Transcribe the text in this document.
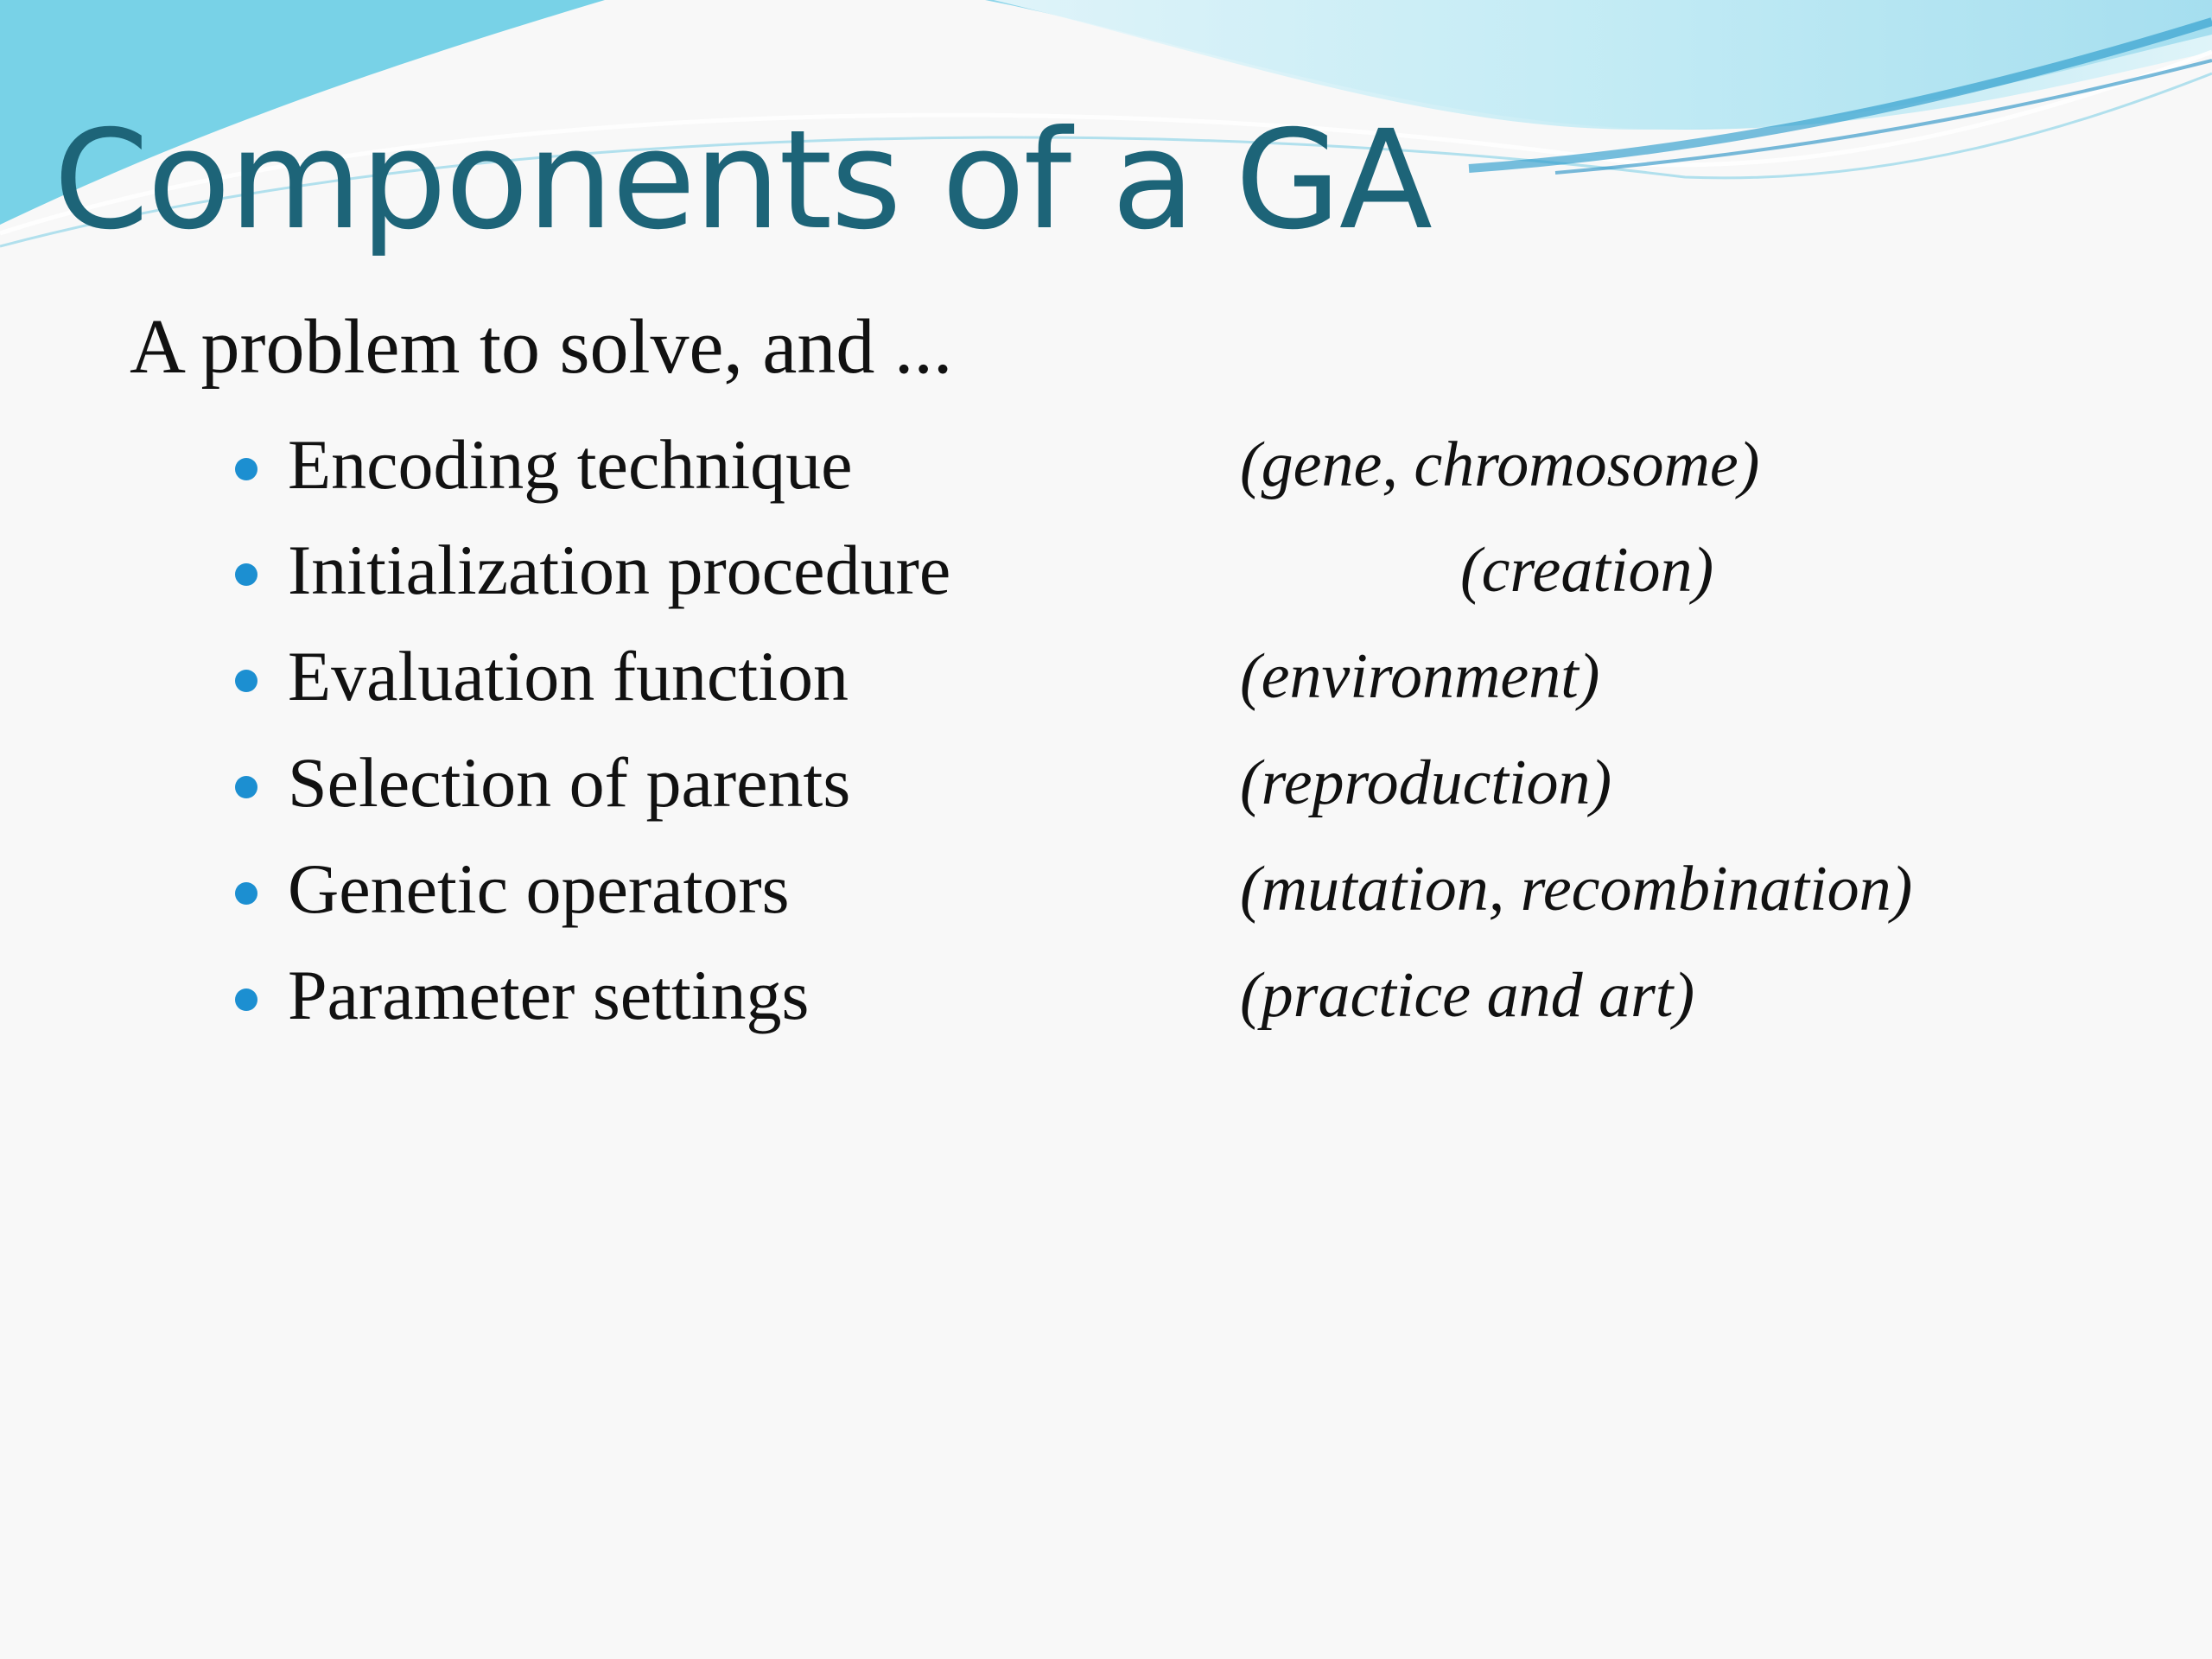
Components of a GA
A problem to solve, and ...
Encoding technique	(gene, chromosome)
Initialization procedure	(creation)
Evaluation function	(environment)
Selection of parents	(reproduction)
Genetic operators	(mutation, recombination)
Parameter settings	(practice and art)
